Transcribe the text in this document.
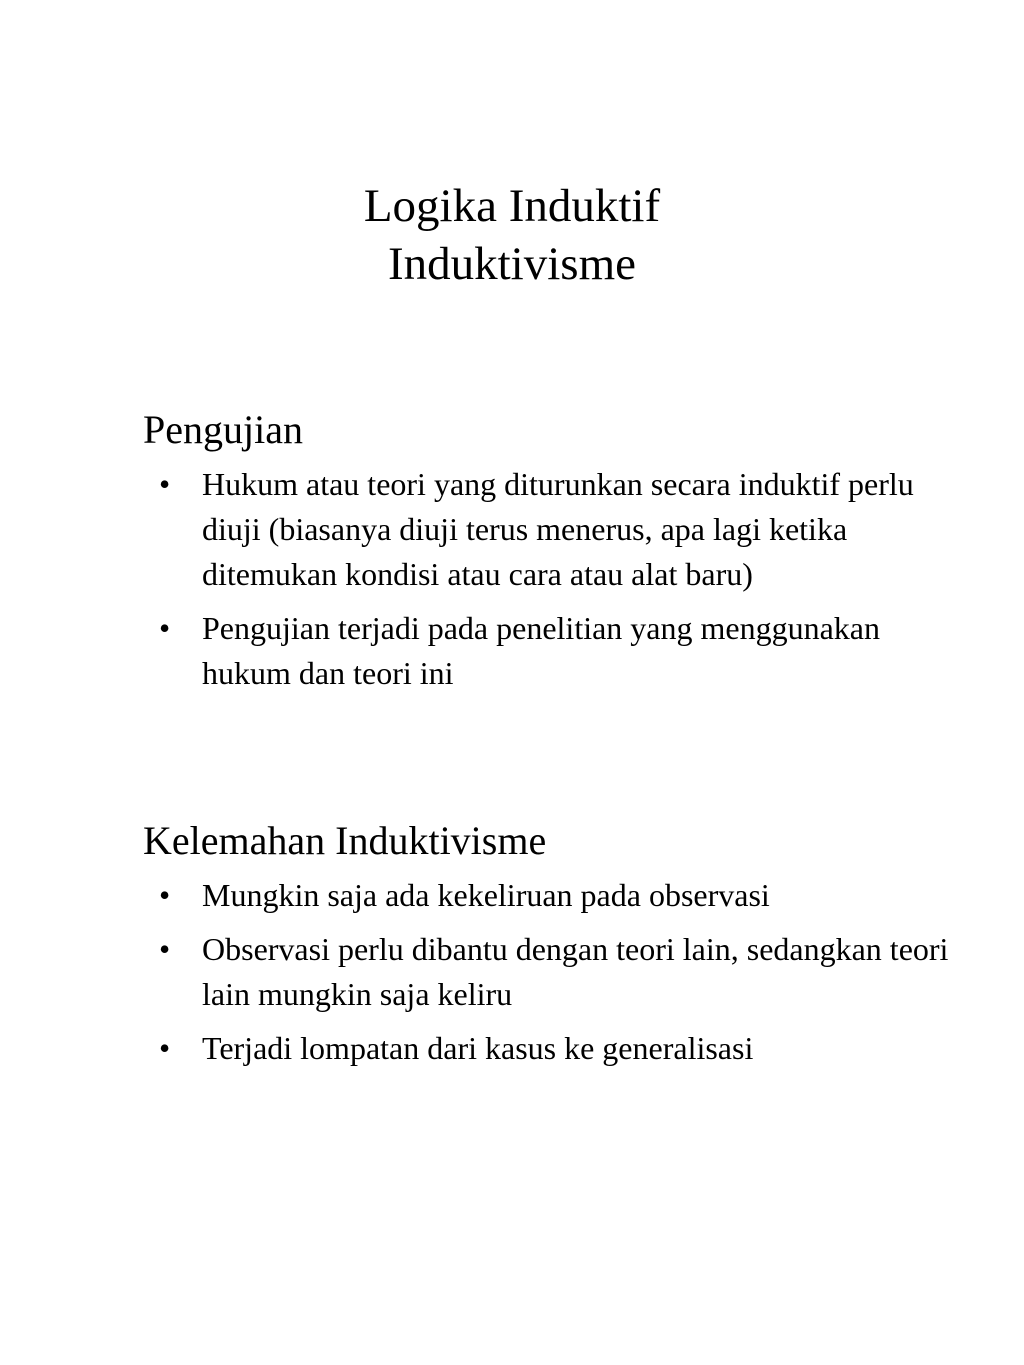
Logika Induktif
Induktivisme
Pengujian
• Hukum atau teori yang diturunkan secara induktif perlu diuji (biasanya diuji terus menerus, apa lagi ketika ditemukan kondisi atau cara atau alat baru)
• Pengujian terjadi pada penelitian yang menggunakan hukum dan teori ini
Kelemahan Induktivisme
• Mungkin saja ada kekeliruan pada observasi
• Observasi perlu dibantu dengan teori lain, sedangkan teori lain mungkin saja keliru
• Terjadi lompatan dari kasus ke generalisasi
